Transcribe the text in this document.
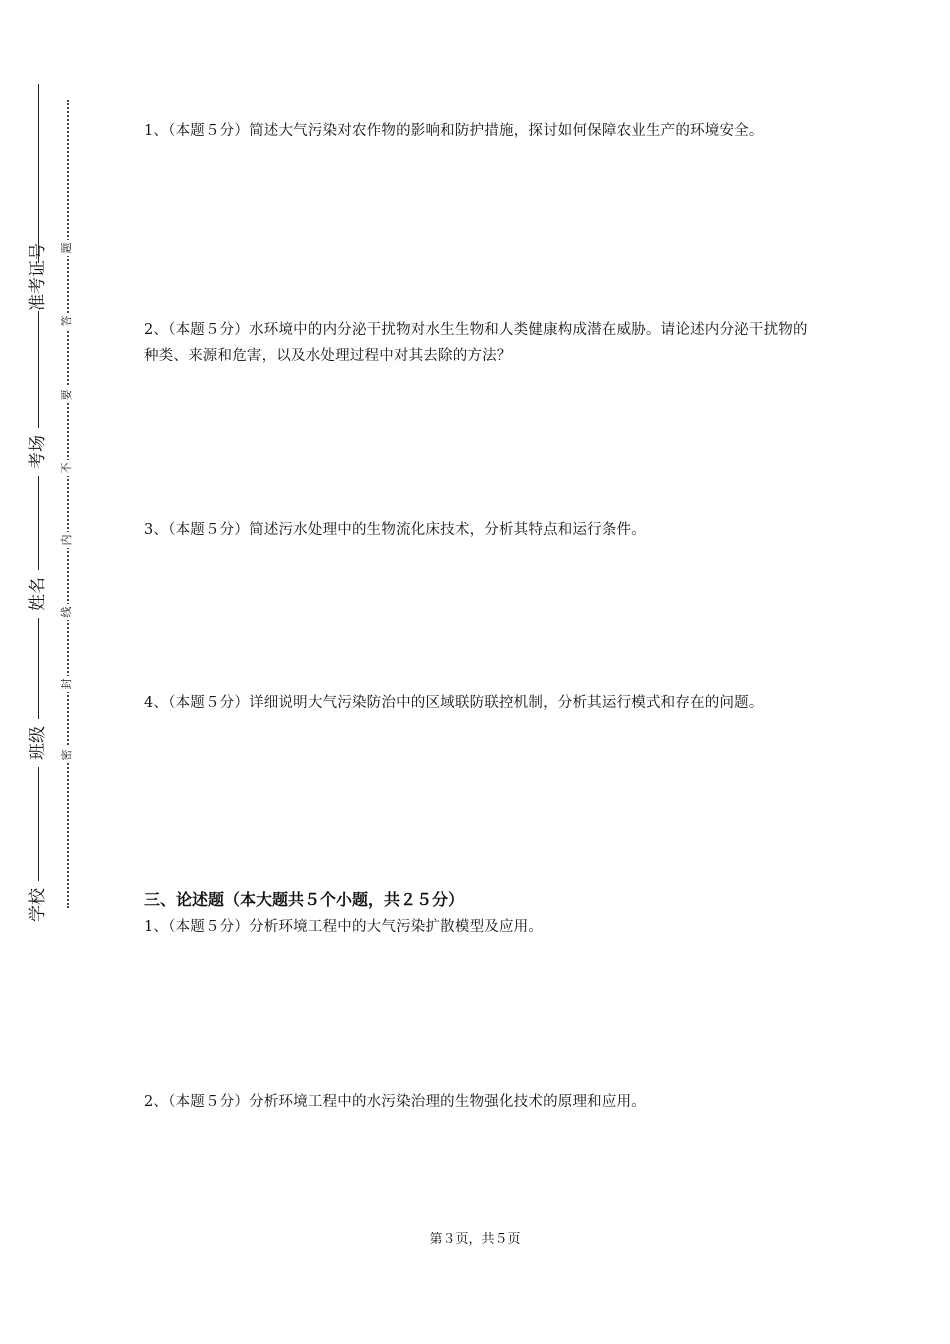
准考证号
考场
姓名
班级
学校
题
答
要
不
内
线
封
密
1、（本题５分）简述大气污染对农作物的影响和防护措施，探讨如何保障农业生产的环境安全。
2、（本题５分）水环境中的内分泌干扰物对水生生物和人类健康构成潜在威胁。请论述内分泌干扰物的种类、来源和危害，以及水处理过程中对其去除的方法？
3、（本题５分）简述污水处理中的生物流化床技术，分析其特点和运行条件。
4、（本题５分）详细说明大气污染防治中的区域联防联控机制，分析其运行模式和存在的问题。
三、论述题（本大题共５个小题，共２５分）
1、（本题５分）分析环境工程中的大气污染扩散模型及应用。
2、（本题５分）分析环境工程中的水污染治理的生物强化技术的原理和应用。
第３页，共５页
